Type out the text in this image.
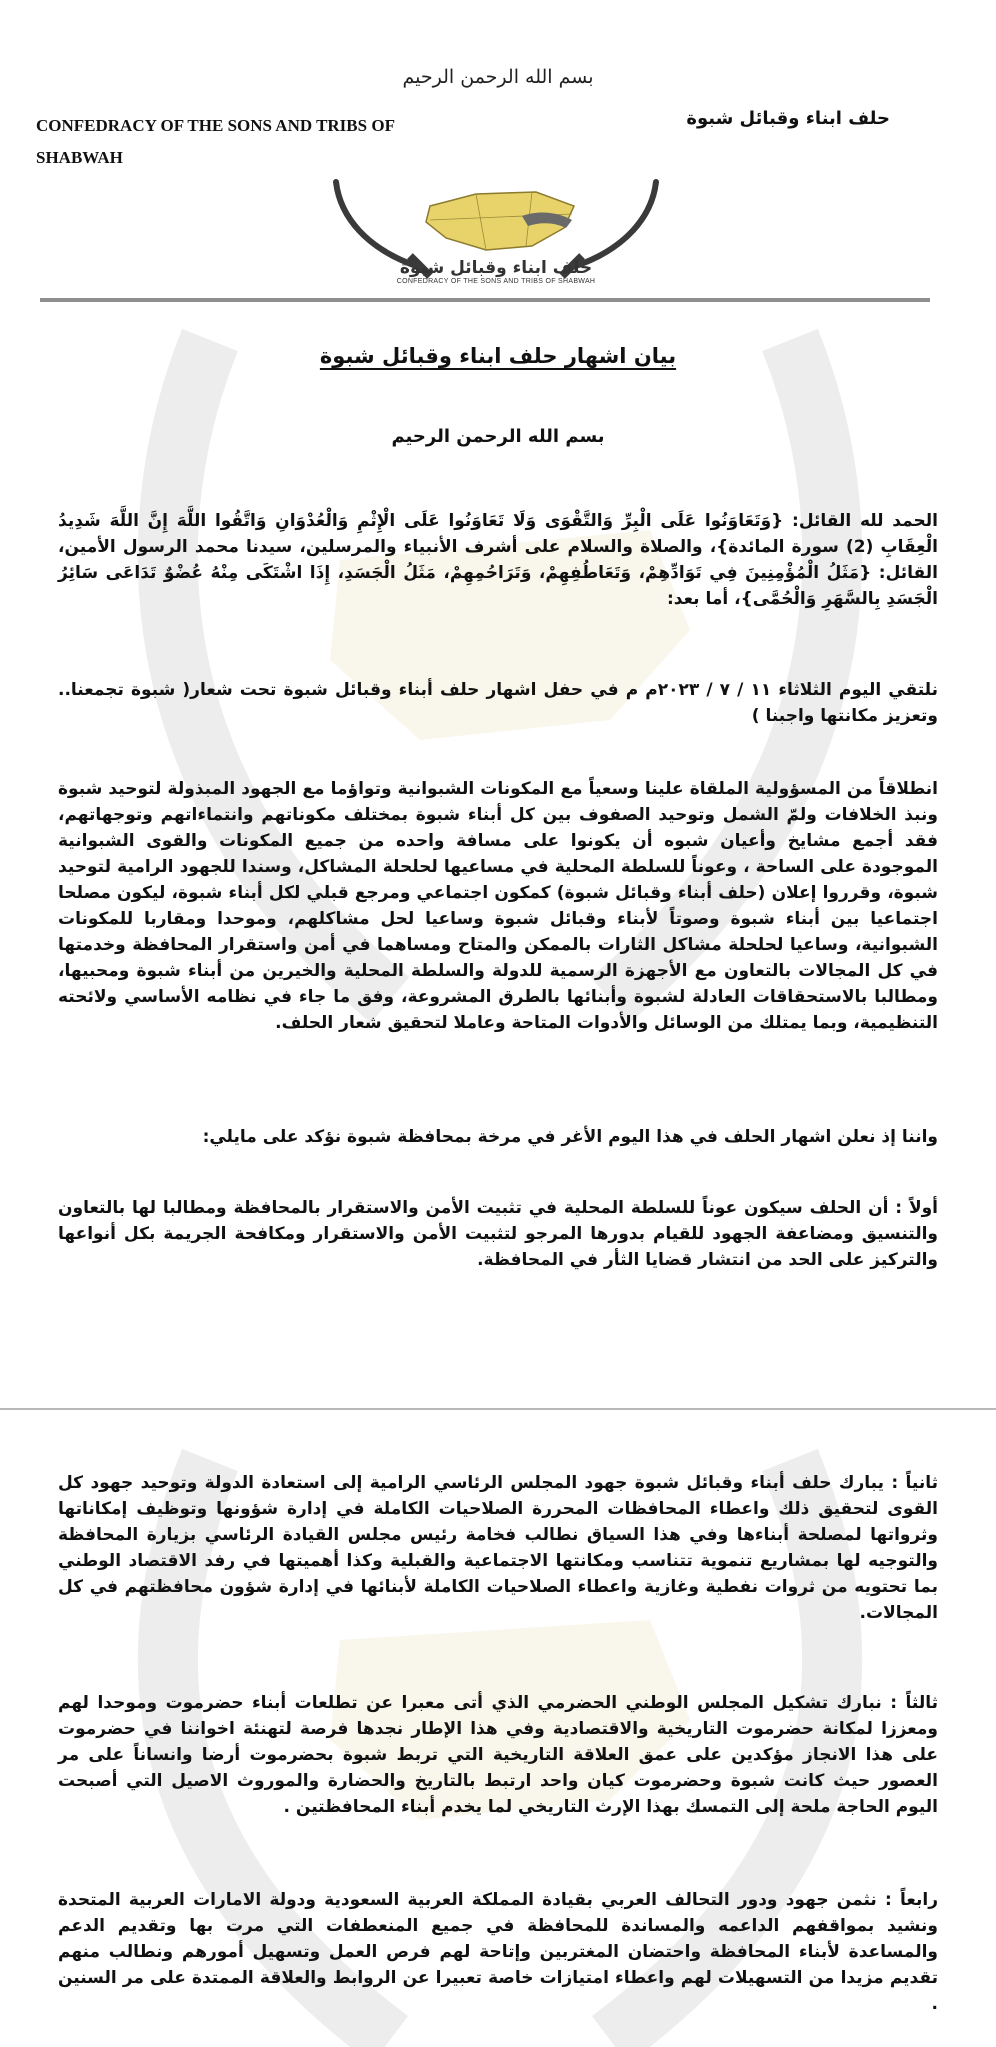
بسم الله الرحمن الرحيم
CONFEDRACY OF THE SONS AND TRIBS OF SHABWAH
حلف ابناء وقبائل شبوة
حلف ابناء وقبائل شبوة
CONFEDRACY OF THE SONS AND TRIBS OF SHABWAH
بيان اشهار حلف ابناء وقبائل شبوة
بسم الله الرحمن الرحيم

الحمد لله القائل: {وَتَعَاوَنُوا عَلَى الْبِرِّ وَالتَّقْوَى وَلَا تَعَاوَنُوا عَلَى الْإِثْمِ وَالْعُدْوَانِ وَاتَّقُوا اللَّهَ إِنَّ اللَّهَ شَدِيدُ الْعِقَابِ (2) سورة المائدة}، والصلاة والسلام على أشرف الأنبياء والمرسلين، سيدنا محمد الرسول الأمين، القائل: {مَثَلُ الْمُؤْمِنِينَ فِي تَوَادِّهِمْ، وَتَعَاطُفِهِمْ، وَتَرَاحُمِهِمْ، مَثَلُ الْجَسَدِ، إِذَا اشْتَكَى مِنْهُ عُضْوٌ تَدَاعَى سَائِرُ الْجَسَدِ بِالسَّهَرِ وَالْحُمَّى}، أما بعد:

نلتقي اليوم الثلاثاء ١١ / ٧ / ٢٠٢٣م م في حفل اشهار حلف أبناء وقبائل شبوة تحت شعار( شبوة تجمعنا.. وتعزيز مكانتها واجبنا )

انطلاقاً من المسؤولية الملقاة علينا وسعياً مع المكونات الشبوانية وتواؤما مع الجهود المبذولة لتوحيد شبوة ونبذ الخلافات ولمّ الشمل وتوحيد الصفوف بين كل أبناء شبوة بمختلف مكوناتهم وانتماءاتهم وتوجهاتهم، فقد أجمع مشايخ وأعيان شبوه أن يكونوا على مسافة واحده من جميع المكونات والقوى الشبوانية الموجودة على الساحة ، وعوناً للسلطة المحلية في مساعيها لحلحلة المشاكل، وسندا للجهود الرامية لتوحيد شبوة، وقرروا إعلان (حلف أبناء وقبائل شبوة) كمكون اجتماعي ومرجع قبلي لكل أبناء شبوة، ليكون مصلحا اجتماعيا بين أبناء شبوة وصوتاً لأبناء وقبائل شبوة وساعيا لحل مشاكلهم، وموحدا ومقاربا للمكونات الشبوانية، وساعيا لحلحلة مشاكل الثارات بالممكن والمتاح ومساهما في أمن واستقرار المحافظة وخدمتها في كل المجالات بالتعاون مع الأجهزة الرسمية للدولة والسلطة المحلية والخيرين من أبناء شبوة ومحبيها، ومطالبا بالاستحقاقات العادلة لشبوة وأبنائها بالطرق المشروعة، وفق ما جاء في نظامه الأساسي ولائحته التنظيمية، وبما يمتلك من الوسائل والأدوات المتاحة وعاملا لتحقيق شعار الحلف.

واننا إذ نعلن اشهار الحلف في هذا اليوم الأغر في مرخة بمحافظة شبوة نؤكد على مايلي:

أولاً : أن الحلف سيكون عوناً للسلطة المحلية في تثبيت الأمن والاستقرار بالمحافظة ومطالبا لها بالتعاون والتنسيق ومضاعفة الجهود للقيام بدورها المرجو لتثبيت الأمن والاستقرار ومكافحة الجريمة بكل أنواعها والتركيز على الحد من انتشار قضايا الثأر في المحافظة.

ثانياً : يبارك حلف أبناء وقبائل شبوة جهود المجلس الرئاسي الرامية إلى استعادة الدولة وتوحيد جهود كل القوى لتحقيق ذلك واعطاء المحافظات المحررة الصلاحيات الكاملة في إدارة شؤونها وتوظيف إمكاناتها وثرواتها لمصلحة أبناءها وفي هذا السياق نطالب فخامة رئيس مجلس القيادة الرئاسي بزيارة المحافظة والتوجيه لها بمشاريع تنموية تتناسب ومكانتها الاجتماعية والقبلية وكذا أهميتها في رفد الاقتصاد الوطني بما تحتويه من ثروات نفطية وغازية واعطاء الصلاحيات الكاملة لأبنائها في إدارة شؤون محافظتهم في كل المجالات.

ثالثاً : نبارك تشكيل المجلس الوطني الحضرمي الذي أتى معبرا عن تطلعات أبناء حضرموت وموحدا لهم ومعززا لمكانة حضرموت التاريخية والاقتصادية وفي هذا الإطار نجدها فرصة لتهنئة اخواننا في حضرموت على هذا الانجاز مؤكدين على عمق العلاقة التاريخية التي تربط شبوة بحضرموت أرضا وانساناً على مر العصور حيث كانت شبوة وحضرموت كيان واحد ارتبط بالتاريخ والحضارة والموروث الاصيل التي أصبحت اليوم الحاجة ملحة إلى التمسك بهذا الإرث التاريخي لما يخدم أبناء المحافظتين .

رابعاً : نثمن جهود ودور التحالف العربي بقيادة المملكة العربية السعودية ودولة الامارات العربية المتحدة ونشيد بمواقفهم الداعمه والمساندة للمحافظة في جميع المنعطفات التي مرت بها وتقديم الدعم والمساعدة لأبناء المحافظة واحتضان المغتربين وإتاحة لهم فرص العمل وتسهيل أمورهم ونطالب منهم تقديم مزيدا من التسهيلات لهم واعطاء امتيازات خاصة تعبيرا عن الروابط والعلاقة الممتدة على مر السنين .
